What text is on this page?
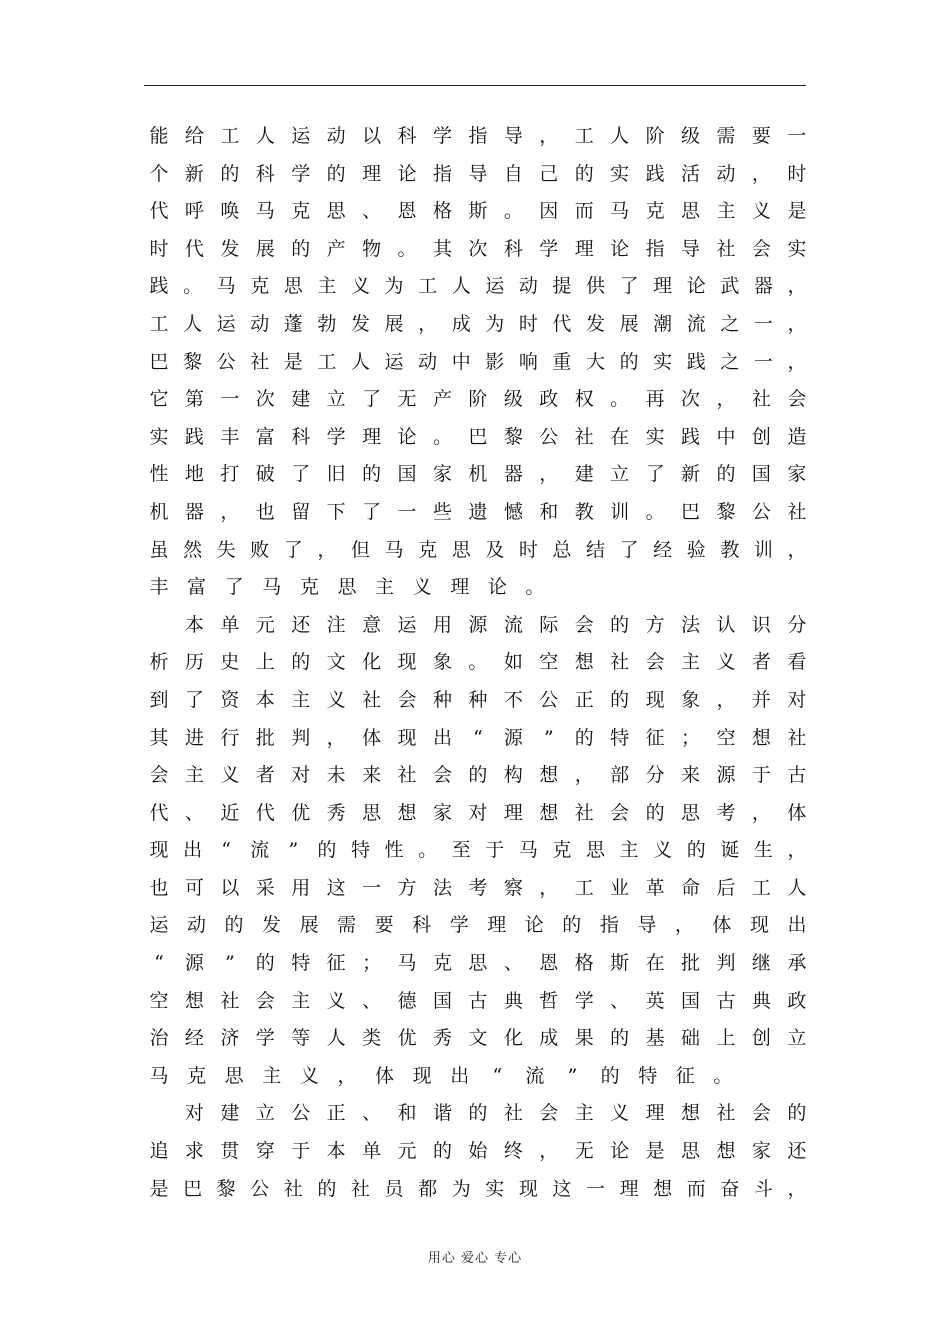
能 给 工 人 运 动 以 科 学 指 导 ， 工 人 阶 级 需 要 一
个 新 的 科 学 的 理 论 指 导 自 己 的 实 践 活 动 ， 时
代 呼 唤 马 克 思 、 恩 格 斯 。 因 而 马 克 思 主 义 是
时 代 发 展 的 产 物 。 其 次 科 学 理 论 指 导 社 会 实
践 。 马 克 思 主 义 为 工 人 运 动 提 供 了 理 论 武 器 ，
工 人 运 动 蓬 勃 发 展 ， 成 为 时 代 发 展 潮 流 之 一 ，
巴 黎 公 社 是 工 人 运 动 中 影 响 重 大 的 实 践 之 一 ，
它 第 一 次 建 立 了 无 产 阶 级 政 权 。 再 次 ， 社 会
实 践 丰 富 科 学 理 论 。 巴 黎 公 社 在 实 践 中 创 造
性 地 打 破 了 旧 的 国 家 机 器 ， 建 立 了 新 的 国 家
机 器 ， 也 留 下 了 一 些 遗 憾 和 教 训 。 巴 黎 公 社
虽 然 失 败 了 ， 但 马 克 思 及 时 总 结 了 经 验 教 训 ，
丰 富 了 马 克 思 主 义 理 论 。

本 单 元 还 注 意 运 用 源 流 际 会 的 方 法 认 识 分
析 历 史 上 的 文 化 现 象 。 如 空 想 社 会 主 义 者 看
到 了 资 本 主 义 社 会 种 种 不 公 正 的 现 象 ， 并 对
其 进 行 批 判 ， 体 现 出	“	源	”	的 特 征 ； 空 想 社
会 主 义 者 对 未 来 社 会 的 构 想 ， 部 分 来 源 于 古
代 、 近 代 优 秀 思 想 家 对 理 想 社 会 的 思 考 ， 体
现 出	“	流	”	的 特 性 。 至 于 马 克 思 主 义 的 诞 生 ，
也 可 以 采 用 这 一 方 法 考 察 ， 工 业 革 命 后 工 人
运 动 的 发 展 需 要 科 学 理 论 的 指 导 ， 体 现 出
“	源	”	的 特 征 ； 马 克 思 、 恩 格 斯 在 批 判 继 承
空 想 社 会 主 义 、 德 国 古 典 哲 学 、 英 国 古 典 政
治 经 济 学 等 人 类 优 秀 文 化 成 果 的 基 础 上 创 立
马 克 思 主 义 ， 体 现 出	“	流	”	的 特 征 。

对 建 立 公 正 、 和 谐 的 社 会 主 义 理 想 社 会 的
追 求 贯 穿 于 本 单 元 的 始 终 ， 无 论 是 思 想 家 还
是 巴 黎 公 社 的 社 员 都 为 实 现 这 一 理 想 而 奋 斗 ，
用心 爱心 专心
